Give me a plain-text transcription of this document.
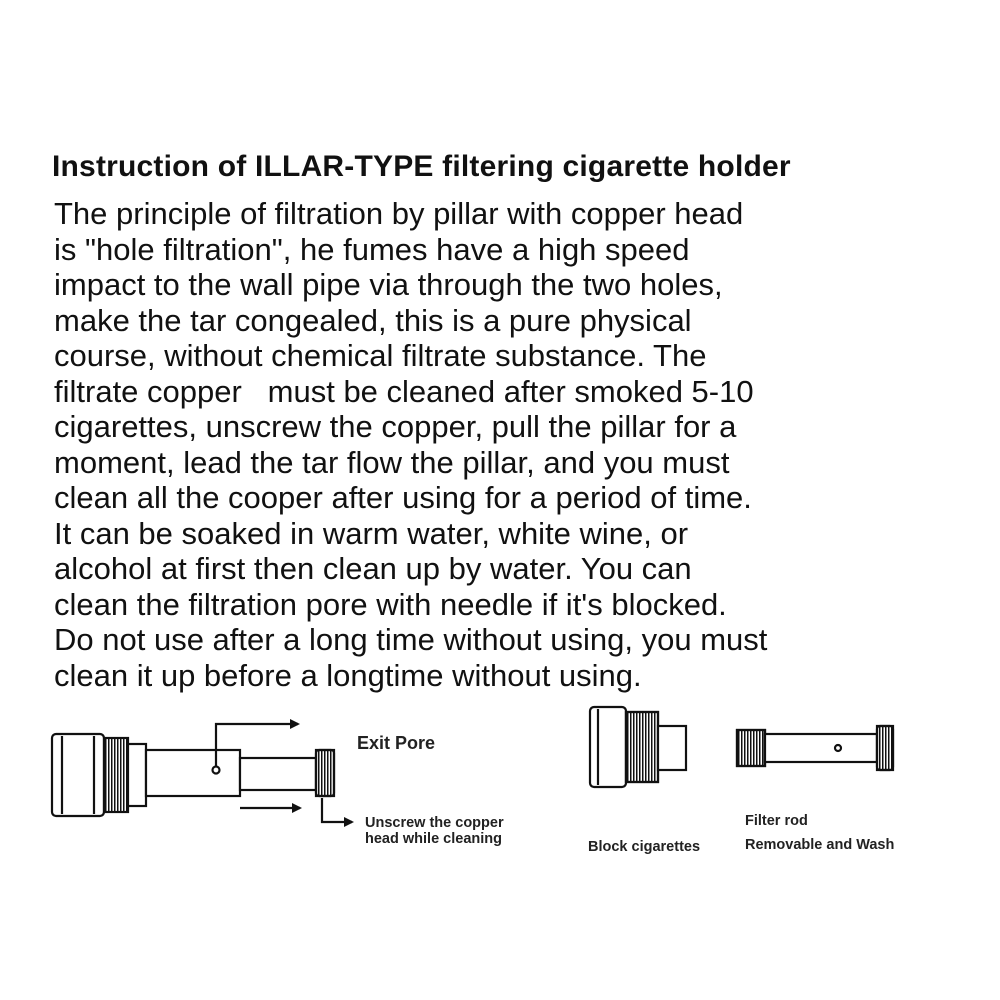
Instruction of ILLAR-TYPE filtering cigarette holder
The principle of filtration by pillar with copper head
is "hole filtration", he fumes have a high speed
impact to the wall pipe via through the two holes,
make the tar congealed, this is a pure physical
course, without chemical filtrate substance. The
filtrate copper   must be cleaned after smoked 5-10
cigarettes, unscrew the copper, pull the pillar for a
moment, lead the tar flow the pillar, and you must
clean all the cooper after using for a period of time.
It can be soaked in warm water, white wine, or
alcohol at first then clean up by water. You can
clean the filtration pore with needle if it's blocked.
Do not use after a long time without using, you must
clean it up before a longtime without using.
Exit Pore
Unscrew the copper
head while cleaning	Block cigarettes
Filter rod
Removable and Wash
